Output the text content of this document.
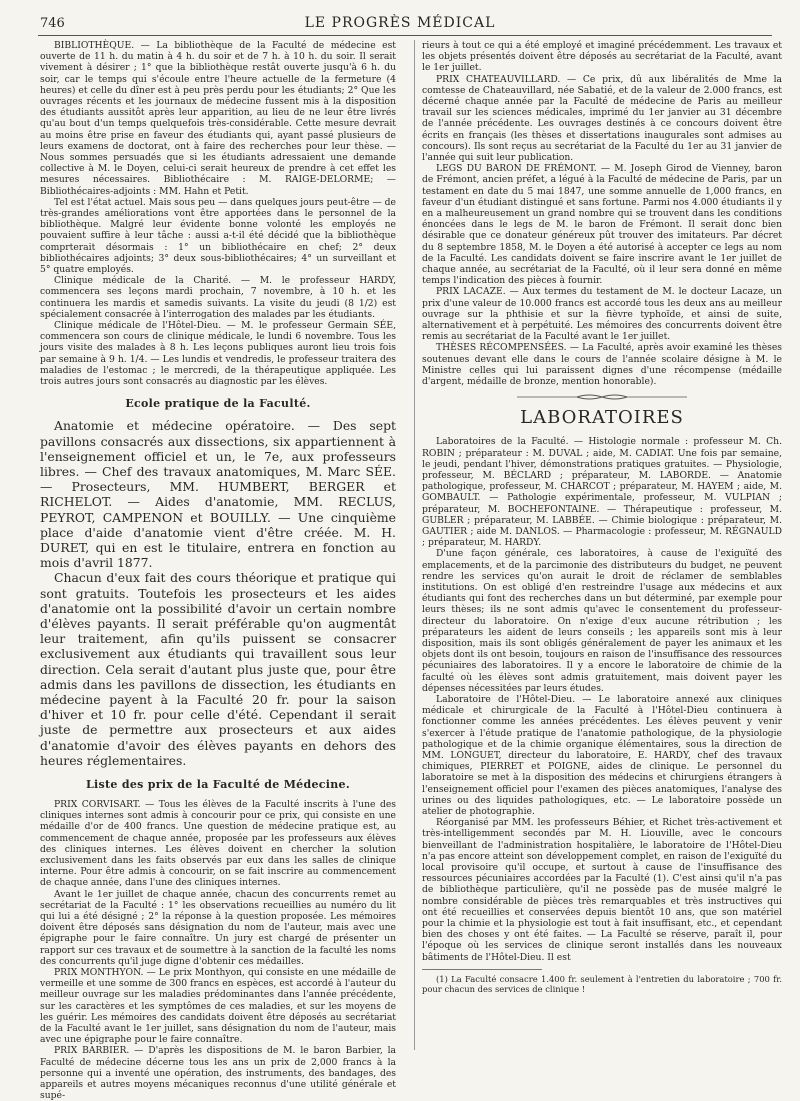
746	LE PROGRÈS MÉDICAL

BIBLIOTHÈQUE. — La bibliothèque de la Faculté de médecine est ouverte de 11 h. du matin à 4 h. du soir et de 7 h. à 10 h. du soir. Il serait vivement à désirer ; 1° que la bibliothèque restât ouverte jusqu'à 6 h. du soir, car le temps qui s'écoule entre l'heure actuelle de la fermeture (4 heures) et celle du dîner est à peu près perdu pour les étudiants; 2° Que les ouvrages récents et les journaux de médecine fussent mis à la disposition des étudiants aussitôt après leur apparition, au lieu de ne leur être livrés qu'au bout d'un temps quelquefois très-considérable. Cette mesure devrait au moins être prise en faveur des étudiants qui, ayant passé plusieurs de leurs examens de doctorat, ont à faire des recherches pour leur thèse. — Nous sommes persuadés que si les étudiants adressaient une demande collective à M. le Doyen, celui-ci serait heureux de prendre à cet effet les mesures nécessaires. Bibliothécaire : M. RAIGE-DELORME; — Bibliothécaires-adjoints : MM. Hahn et Petit.

Tel est l'état actuel. Mais sous peu — dans quelques jours peut-être — de très-grandes améliorations vont être apportées dans le personnel de la bibliothèque. Malgré leur évidente bonne volonté les employés ne pouvaient suffire à leur tâche : aussi a-t-il été décidé que la bibliothèque comprterait désormais : 1° un bibliothécaire en chef; 2° deux bibliothécaires adjoints; 3° deux sous-bibliothécaires; 4° un surveillant et 5° quatre employés.

Clinique médicale de la Charité. — M. le professeur HARDY, commencera ses leçons mardi prochain, 7 novembre, à 10 h. et les continuera les mardis et samedis suivants. La visite du jeudi (8 1/2) est spécialement consacrée à l'interrogation des malades par les étudiants.

Clinique médicale de l'Hôtel-Dieu. — M. le professeur Germain SÉE, commencera son cours de clinique médicale, le lundi 6 novembre. Tous les jours visite des malades à 8 h. Les leçons publiques auront lieu trois fois par semaine à 9 h. 1/4. — Les lundis et vendredis, le professeur traitera des maladies de l'estomac ; le mercredi, de la thérapeutique appliquée. Les trois autres jours sont consacrés au diagnostic par les élèves.

Ecole pratique de la Faculté.

Anatomie et médecine opératoire. — Des sept pavillons consacrés aux dissections, six appartiennent à l'enseignement officiel et un, le 7e, aux professeurs libres. — Chef des travaux anatomiques, M. Marc SÉE. — Prosecteurs, MM. HUMBERT, BERGER et RICHELOT. — Aides d'anatomie, MM. RECLUS, PEYROT, CAMPENON et BOUILLY. — Une cinquième place d'aide d'anatomie vient d'être créée. M. H. DURET, qui en est le titulaire, entrera en fonction au mois d'avril 1877.

Chacun d'eux fait des cours théorique et pratique qui sont gratuits. Toutefois les prosecteurs et les aides d'anatomie ont la possibilité d'avoir un certain nombre d'élèves payants. Il serait préférable qu'on augmentât leur traitement, afin qu'ils puissent se consacrer exclusivement aux étudiants qui travaillent sous leur direction. Cela serait d'autant plus juste que, pour être admis dans les pavillons de dissection, les étudiants en médecine payent à la Faculté 20 fr. pour la saison d'hiver et 10 fr. pour celle d'été. Cependant il serait juste de permettre aux prosecteurs et aux aides d'anatomie d'avoir des élèves payants en dehors des heures réglementaires.

Liste des prix de la Faculté de Médecine.

PRIX CORVISART. — Tous les élèves de la Faculté inscrits à l'une des cliniques internes sont admis à concourir pour ce prix, qui consiste en une médaille d'or de 400 francs. Une question de médecine pratique est, au commencement de chaque année, proposée par les professeurs aux élèves des cliniques internes. Les élèves doivent en chercher la solution exclusivement dans les faits observés par eux dans les salles de clinique interne. Pour être admis à concourir, on se fait inscrire au commencement de chaque année, dans l'une des cliniques internes.

Avant le 1er juillet de chaque année, chacun des concurrents remet au secrétariat de la Faculté : 1° les observations recueillies au numéro du lit qui lui a été désigné ; 2° la réponse à la question proposée. Les mémoires doivent être déposés sans désignation du nom de l'auteur, mais avec une épigraphe pour le faire connaître. Un jury est chargé de présenter un rapport sur ces travaux et de soumettre à la sanction de la faculté les noms des concurrents qu'il juge digne d'obtenir ces médailles.

PRIX MONTHYON. — Le prix Monthyon, qui consiste en une médaille de vermeille et une somme de 300 francs en espèces, est accordé à l'auteur du meilleur ouvrage sur les maladies prédominantes dans l'année précédente, sur les caractères et les symptômes de ces maladies, et sur les moyens de les guérir. Les mémoires des candidats doivent être déposés au secrétariat de la Faculté avant le 1er juillet, sans désignation du nom de l'auteur, mais avec une épigraphe pour le faire connaître.

PRIX BARBIER. — D'après les dispositions de M. le baron Barbier, la Faculté de médecine décerne tous les ans un prix de 2,000 francs à la personne qui a inventé une opération, des instruments, des bandages, des appareils et autres moyens mécaniques reconnus d'une utilité générale et supé-

rieurs à tout ce qui a été employé et imaginé précédemment. Les travaux et les objets présentés doivent être déposés au secrétariat de la Faculté, avant le 1er juillet.

PRIX CHATEAUVILLARD. — Ce prix, dû aux libéralités de Mme la comtesse de Chateauvillard, née Sabatié, et de la valeur de 2.000 francs, est décerné chaque année par la Faculté de médecine de Paris au meilleur travail sur les sciences médicales, imprimé du 1er janvier au 31 décembre de l'année précédente. Les ouvrages destinés à ce concours doivent être écrits en français (les thèses et dissertations inaugurales sont admises au concours). Ils sont reçus au secrétariat de la Faculté du 1er au 31 janvier de l'année qui suit leur publication.

LEGS DU BARON DE FRÉMONT. — M. Joseph Girod de Vienney, baron de Frémont, ancien préfet, a légué à la Faculté de médecine de Paris, par un testament en date du 5 mai 1847, une somme annuelle de 1,000 francs, en faveur d'un étudiant distingué et sans fortune. Parmi nos 4.000 étudiants il y en a malheureusement un grand nombre qui se trouvent dans les conditions énoncées dans le legs de M. le baron de Frémont. Il serait donc bien désirable que ce donateur généreux pût trouver des imitateurs. Par décret du 8 septembre 1858, M. le Doyen a été autorisé à accepter ce legs au nom de la Faculté. Les candidats doivent se faire inscrire avant le 1er juillet de chaque année, au secrétariat de la Faculté, où il leur sera donné en même temps l'indication des pièces à fournir.

PRIX LACAZE. — Aux termes du testament de M. le docteur Lacaze, un prix d'une valeur de 10.000 francs est accordé tous les deux ans au meilleur ouvrage sur la phthisie et sur la fièvre typhoïde, et ainsi de suite, alternativement et à perpétuité. Les mémoires des concurrents doivent être remis au secrétariat de la Faculté avant le 1er juillet.

THÈSES RÉCOMPENSÉES. — La Faculté, après avoir examiné les thèses soutenues devant elle dans le cours de l'année scolaire désigne à M. le Ministre celles qui lui paraissent dignes d'une récompense (médaille d'argent, médaille de bronze, mention honorable).

LABORATOIRES

Laboratoires de la Faculté. — Histologie normale : professeur M. Ch. ROBIN ; préparateur : M. DUVAL ; aide, M. CADIAT. Une fois par semaine, le jeudi, pendant l'hiver, démonstrations pratiques gratuites. — Physiologie, professeur, M. BÉCLARD ; préparateur, M. LABORDE. — Anatomie pathologique, professeur, M. CHARCOT ; préparateur, M. HAYEM ; aide, M. GOMBAULT. — Pathologie expérimentale, professeur, M. VULPIAN ; préparateur, M. BOCHEFONTAINE. — Thérapeutique : professeur, M. GUBLER ; préparateur, M. LABBÉE. — Chimie biologique : préparateur, M. GAUTIER ; aide M. DANLOS. — Pharmacologie : professeur, M. RÉGNAULD ; préparateur, M. HARDY.

D'une façon générale, ces laboratoires, à cause de l'exiguïté des emplacements, et de la parcimonie des distributeurs du budget, ne peuvent rendre les services qu'on aurait le droit de réclamer de semblables institutions. On est obligé d'en restreindre l'usage aux médecins et aux étudiants qui font des recherches dans un but déterminé, par exemple pour leurs thèses; ils ne sont admis qu'avec le consentement du professeur-directeur du laboratoire. On n'exige d'eux aucune rétribution ; les préparateurs les aident de leurs conseils ; les appareils sont mis à leur disposition, mais ils sont obligés généralement de payer les animaux et les objets dont ils ont besoin, toujours en raison de l'insuffisance des ressources pécuniaires des laboratoires. Il y a encore le laboratoire de chimie de la faculté où les élèves sont admis gratuitement, mais doivent payer les dépenses nécessitées par leurs études.

Laboratoire de l'Hôtel-Dieu. — Le laboratoire annexé aux cliniques médicale et chirurgicale de la Faculté à l'Hôtel-Dieu continuera à fonctionner comme les années précédentes. Les élèves peuvent y venir s'exercer à l'étude pratique de l'anatomie pathologique, de la physiologie pathologique et de la chimie organique élémentaires, sous la direction de MM. LONGUET, directeur du laboratoire, E. HARDY, chef des travaux chimiques, PIERRET et POIGNE, aides de clinique. Le personnel du laboratoire se met à la disposition des médecins et chirurgiens étrangers à l'enseignement officiel pour l'examen des pièces anatomiques, l'analyse des urines ou des liquides pathologiques, etc. — Le laboratoire possède un atelier de photographie.

Réorganisé par MM. les professeurs Béhier, et Richet très-activement et très-intelligemment secondés par M. H. Liouville, avec le concours bienveillant de l'administration hospitalière, le laboratoire de l'Hôtel-Dieu n'a pas encore atteint son développement complet, en raison de l'exiguïté du local provisoire qu'il occupe, et surtout à cause de l'insuffisance des ressources pécuniaires accordées par la Faculté (1). C'est ainsi qu'il n'a pas de bibliothèque particulière, qu'il ne possède pas de musée malgré le nombre considérable de pièces très remarquables et très instructives qui ont été recueillies et conservées depuis bientôt 10 ans, que son matériel pour la chimie et la physiologie est tout à fait insuffisant, etc., et cependant bien des choses y ont été faites. — La Faculté se réserve, paraît il, pour l'époque où les services de clinique seront installés dans les nouveaux bâtiments de l'Hôtel-Dieu. Il est

(1) La Faculté consacre 1.400 fr. seulement à l'entretien du laboratoire ; 700 fr. pour chacun des services de clinique !
